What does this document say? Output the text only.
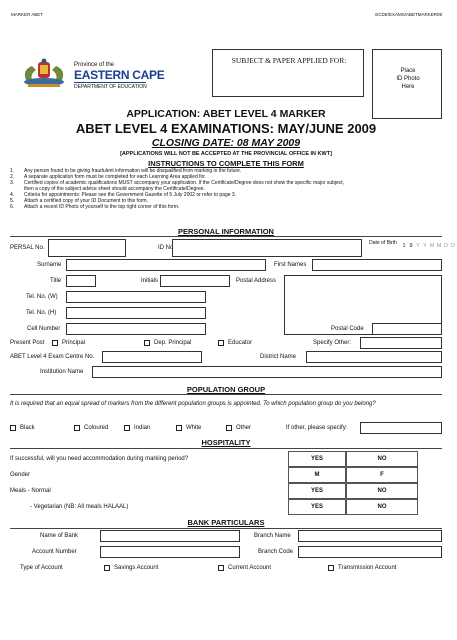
MARKER ABET	ECDE/EXAMS/ABETMARKER09
Province of the
EASTERN CAPE
DEPARTMENT OF EDUCATION
SUBJECT & PAPER APPLIED FOR:
Place
ID Photo
Here
APPLICATION: ABET LEVEL 4 MARKER
ABET LEVEL 4 EXAMINATIONS: MAY/JUNE 2009
CLOSING DATE: 08 MAY 2009
[APPLICATIONS WILL NOT BE ACCEPTED AT THE PROVINCIAL OFFICE IN KWT]
INSTRUCTIONS TO COMPLETE THIS FORM
1.	Any person found to be giving fraudulent information will be disqualified from marking in the future.
2.	A separate application form must be completed for each Learning Area applied for.
3.	Certified copies of academic qualifications MUST accompany your application. If the Certificate/Degree does not show the specific major subject,
then a copy of the subject advice sheet should accompany the Certificate/Degree.
4.	Criteria for appointments: Please see the Government Gazette of 5 July 2002 or refer to page 3.
5.	Attach a certified copy of your ID Document to this form.
6.	Attach a recent ID Photo of yourself to the top right corner of this form.
PERSONAL INFORMATION
PERSAL No.	ID No
Date of Birth	1 9 Y Y M M D D
Surname	First Names
Title	Initials	Postal Address
Tel. No. (W)
Tel. No. (H)
Cell Number	Postal Code
Present Post	Principal	Dep. Principal	Educator	Specify Other:
ABET Level 4 Exam Centre No.	District Name
Institution Name
POPULATION GROUP
It is required that an equal spread of markers from the different population groups is appointed. To which population group do you belong?
Black	Coloured	Indian	White	Other	If other, please specify:
HOSPITALITY
If successful, will you need accommodation during marking period?	YES	NO
Gender	M	F
Meals - Normal	YES	NO
- Vegetarian (NB: All meals HALAAL)	YES	NO
BANK PARTICULARS
Name of Bank	Branch Name
Account Number	Branch Code
Type of Account	Savings Account	Current Account	Transmission Account
